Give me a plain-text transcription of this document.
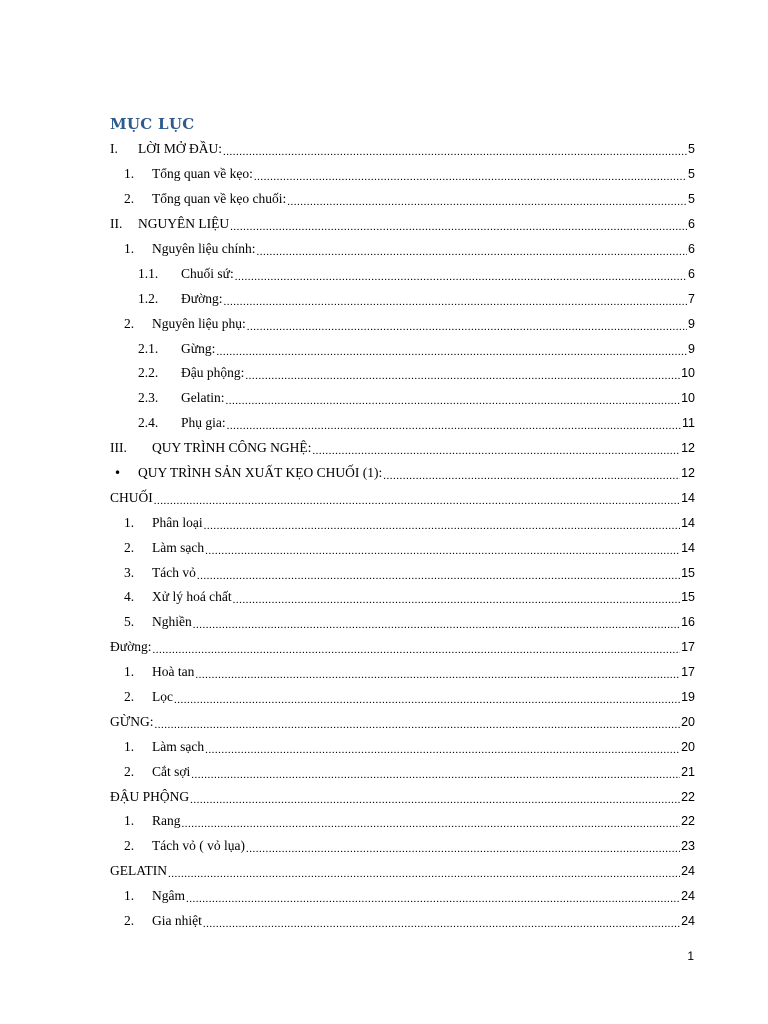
MỤC LỤC
I.	LỜI MỞ ĐẦU: .....	5
1.	Tổng quan về kẹo: .....	5
2.	Tổng quan về kẹo chuối: .....	5
II.	NGUYÊN LIỆU .....	6
1.	Nguyên liệu chính: .....	6
1.1.	Chuối sứ: .....	6
1.2.	Đường: .....	7
2.	Nguyên liệu phụ: .....	9
2.1.	Gừng: .....	9
2.2.	Đậu phộng: .....	10
2.3.	Gelatin: .....	10
2.4.	Phụ gia: .....	11
III.	QUY TRÌNH CÔNG NGHỆ: .....	12
•	QUY TRÌNH SẢN XUẤT KẸO CHUỐI (1): .....	12
CHUỐI .....	14
1.	Phân loại .....	14
2.	Làm sạch .....	14
3.	Tách vỏ .....	15
4.	Xử lý hoá chất .....	15
5.	Nghiền .....	16
Đường: .....	17
1.	Hoà tan .....	17
2.	Lọc .....	19
GỪNG: .....	20
1.	Làm sạch .....	20
2.	Cắt sợi .....	21
ĐẬU PHỘNG .....	22
1.	Rang .....	22
2.	Tách vỏ ( vỏ lụa) .....	23
GELATIN .....	24
1.	Ngâm .....	24
2.	Gia nhiệt .....	24
1
